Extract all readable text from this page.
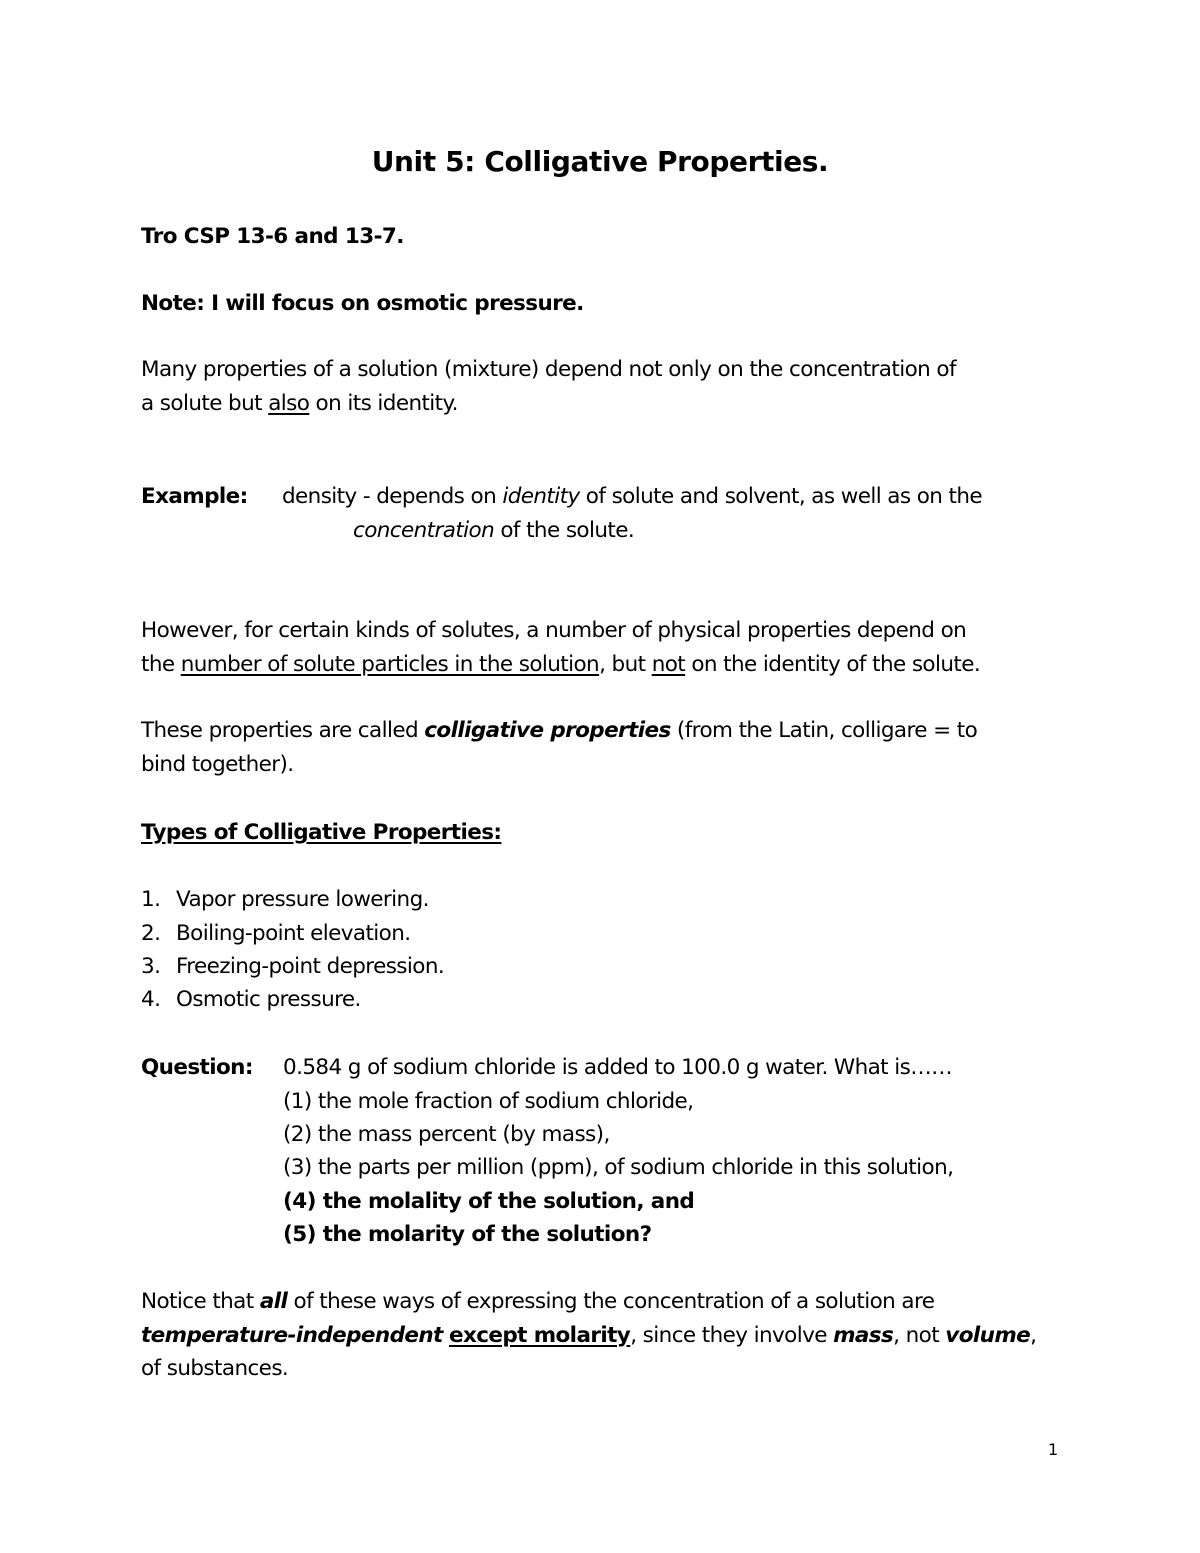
Unit 5: Colligative Properties.
Tro CSP 13-6 and 13-7.
Note: I will focus on osmotic pressure.
Many properties of a solution (mixture) depend not only on the concentration of
a solute but also on its identity.
Example: density - depends on identity of solute and solvent, as well as on the
concentration of the solute.
However, for certain kinds of solutes, a number of physical properties depend on
the number of solute particles in the solution, but not on the identity of the solute.
These properties are called colligative properties (from the Latin, colligare = to
bind together).
Types of Colligative Properties:
1. Vapor pressure lowering.
2. Boiling-point elevation.
3. Freezing-point depression.
4. Osmotic pressure.
Question: 0.584 g of sodium chloride is added to 100.0 g water. What is……
(1) the mole fraction of sodium chloride,
(2) the mass percent (by mass),
(3) the parts per million (ppm), of sodium chloride in this solution,
(4) the molality of the solution, and
(5) the molarity of the solution?
Notice that all of these ways of expressing the concentration of a solution are
temperature-independent except molarity, since they involve mass, not volume,
of substances.
1
